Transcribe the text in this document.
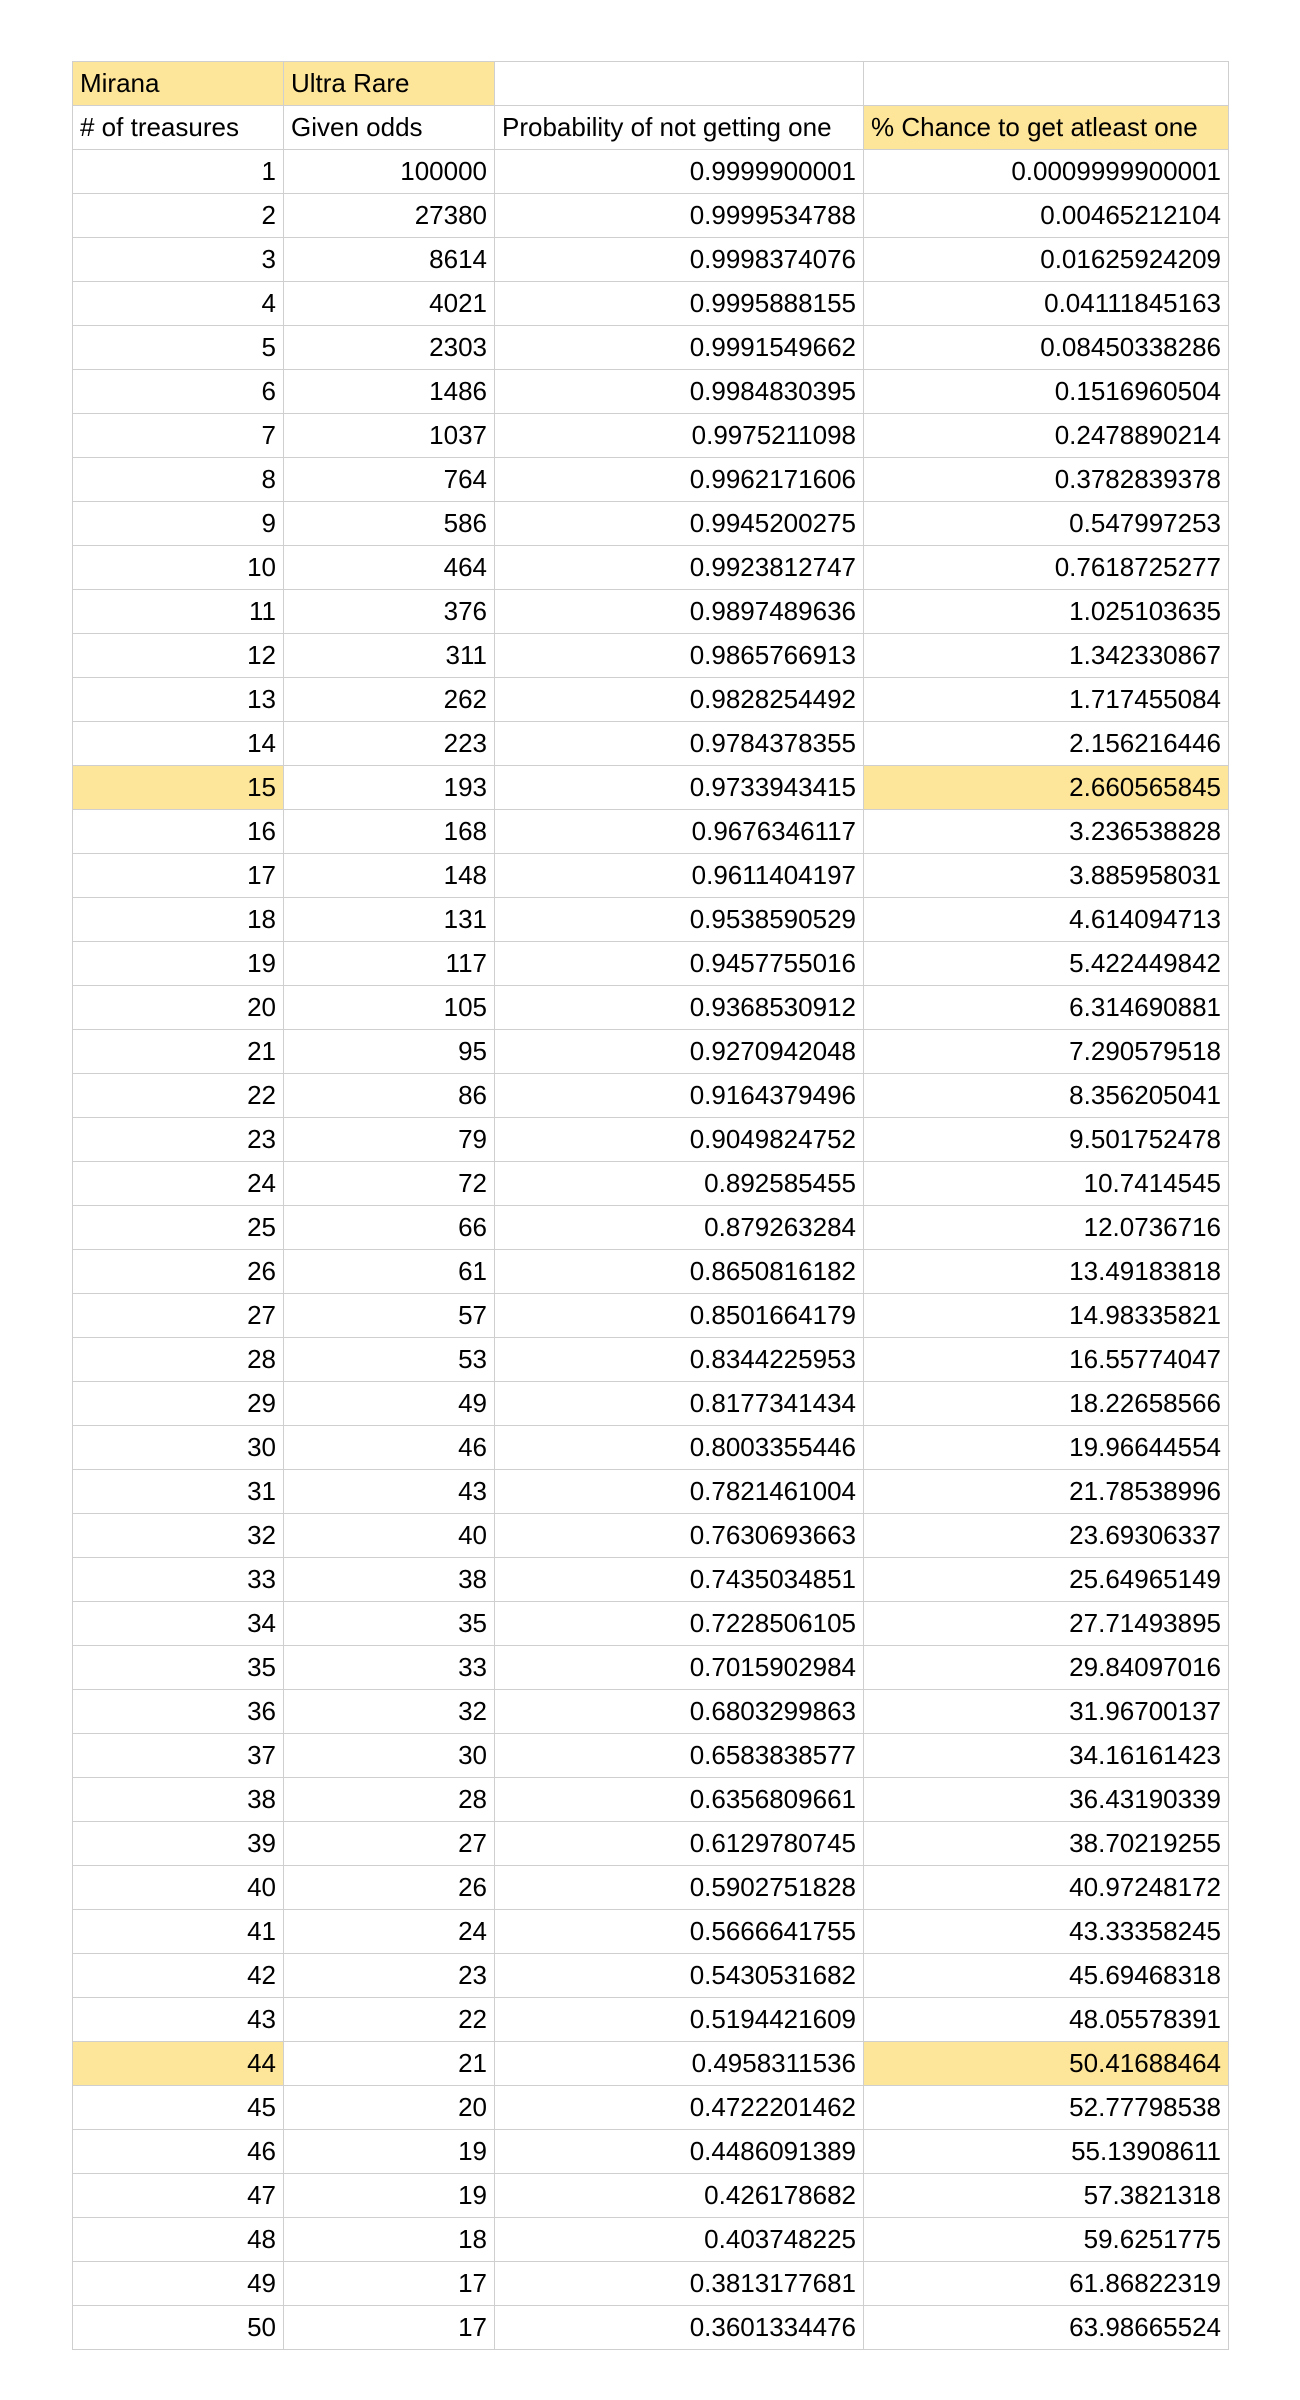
Mirana	Ultra Rare		
# of treasures	Given odds	Probability of not getting one	% Chance to get atleast one
1	100000	0.9999900001	0.0009999900001
2	27380	0.9999534788	0.00465212104
3	8614	0.9998374076	0.01625924209
4	4021	0.9995888155	0.04111845163
5	2303	0.9991549662	0.08450338286
6	1486	0.9984830395	0.1516960504
7	1037	0.9975211098	0.2478890214
8	764	0.9962171606	0.3782839378
9	586	0.9945200275	0.547997253
10	464	0.9923812747	0.7618725277
11	376	0.9897489636	1.025103635
12	311	0.9865766913	1.342330867
13	262	0.9828254492	1.717455084
14	223	0.9784378355	2.156216446
15	193	0.9733943415	2.660565845
16	168	0.9676346117	3.236538828
17	148	0.9611404197	3.885958031
18	131	0.9538590529	4.614094713
19	117	0.9457755016	5.422449842
20	105	0.9368530912	6.314690881
21	95	0.9270942048	7.290579518
22	86	0.9164379496	8.356205041
23	79	0.9049824752	9.501752478
24	72	0.892585455	10.7414545
25	66	0.879263284	12.0736716
26	61	0.8650816182	13.49183818
27	57	0.8501664179	14.98335821
28	53	0.8344225953	16.55774047
29	49	0.8177341434	18.22658566
30	46	0.8003355446	19.96644554
31	43	0.7821461004	21.78538996
32	40	0.7630693663	23.69306337
33	38	0.7435034851	25.64965149
34	35	0.7228506105	27.71493895
35	33	0.7015902984	29.84097016
36	32	0.6803299863	31.96700137
37	30	0.6583838577	34.16161423
38	28	0.6356809661	36.43190339
39	27	0.6129780745	38.70219255
40	26	0.5902751828	40.97248172
41	24	0.5666641755	43.33358245
42	23	0.5430531682	45.69468318
43	22	0.5194421609	48.05578391
44	21	0.4958311536	50.41688464
45	20	0.4722201462	52.77798538
46	19	0.4486091389	55.13908611
47	19	0.426178682	57.3821318
48	18	0.403748225	59.6251775
49	17	0.3813177681	61.86822319
50	17	0.3601334476	63.98665524
